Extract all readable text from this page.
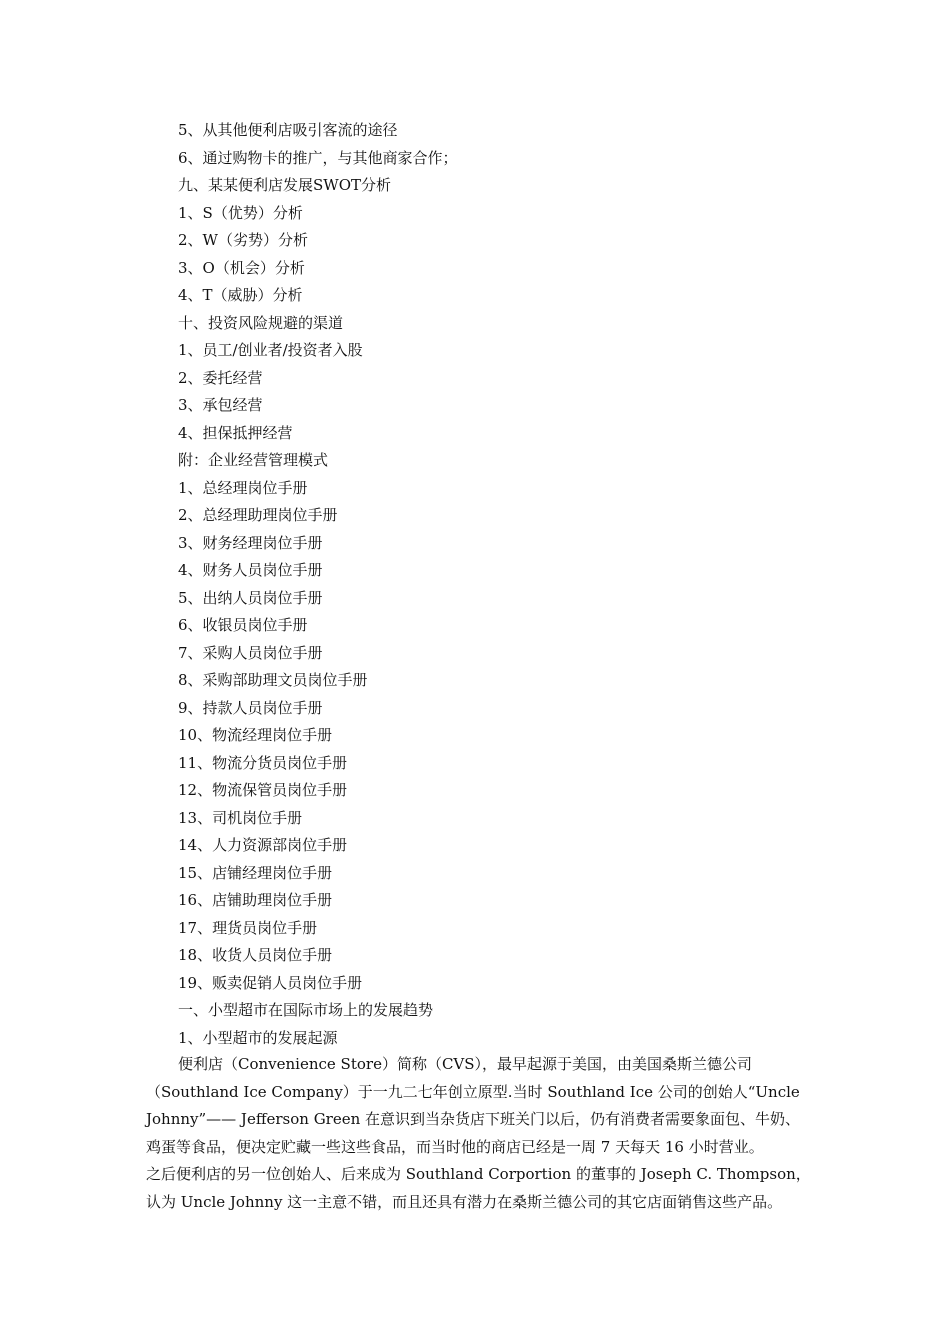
5、从其他便利店吸引客流的途径
6、通过购物卡的推广，与其他商家合作；
九、某某便利店发展SWOT分析
1、S（优势）分析
2、W（劣势）分析
3、O（机会）分析
4、T（威胁）分析
十、投资风险规避的渠道
1、员工/创业者/投资者入股
2、委托经营
3、承包经营
4、担保抵押经营
附：企业经营管理模式
1、总经理岗位手册
2、总经理助理岗位手册
3、财务经理岗位手册
4、财务人员岗位手册
5、出纳人员岗位手册
6、收银员岗位手册
7、采购人员岗位手册
8、采购部助理文员岗位手册
9、持款人员岗位手册
10、物流经理岗位手册
11、物流分货员岗位手册
12、物流保管员岗位手册
13、司机岗位手册
14、人力资源部岗位手册
15、店铺经理岗位手册
16、店铺助理岗位手册
17、理货员岗位手册
18、收货人员岗位手册
19、贩卖促销人员岗位手册
一、小型超市在国际市场上的发展趋势
1、小型超市的发展起源
便利店（Convenience Store）简称（CVS），最早起源于美国，由美国桑斯兰德公司
（Southland Ice Company）于一九二七年创立原型.当时 Southland Ice 公司的创始人“Uncle
Johnny”—— Jefferson Green 在意识到当杂货店下班关门以后，仍有消费者需要象面包、牛奶、
鸡蛋等食品，便决定贮藏一些这些食品，而当时他的商店已经是一周 7 天每天 16 小时营业。
之后便利店的另一位创始人、后来成为 Southland Corportion 的董事的 Joseph C. Thompson，
认为 Uncle Johnny 这一主意不错，而且还具有潜力在桑斯兰德公司的其它店面销售这些产品。
